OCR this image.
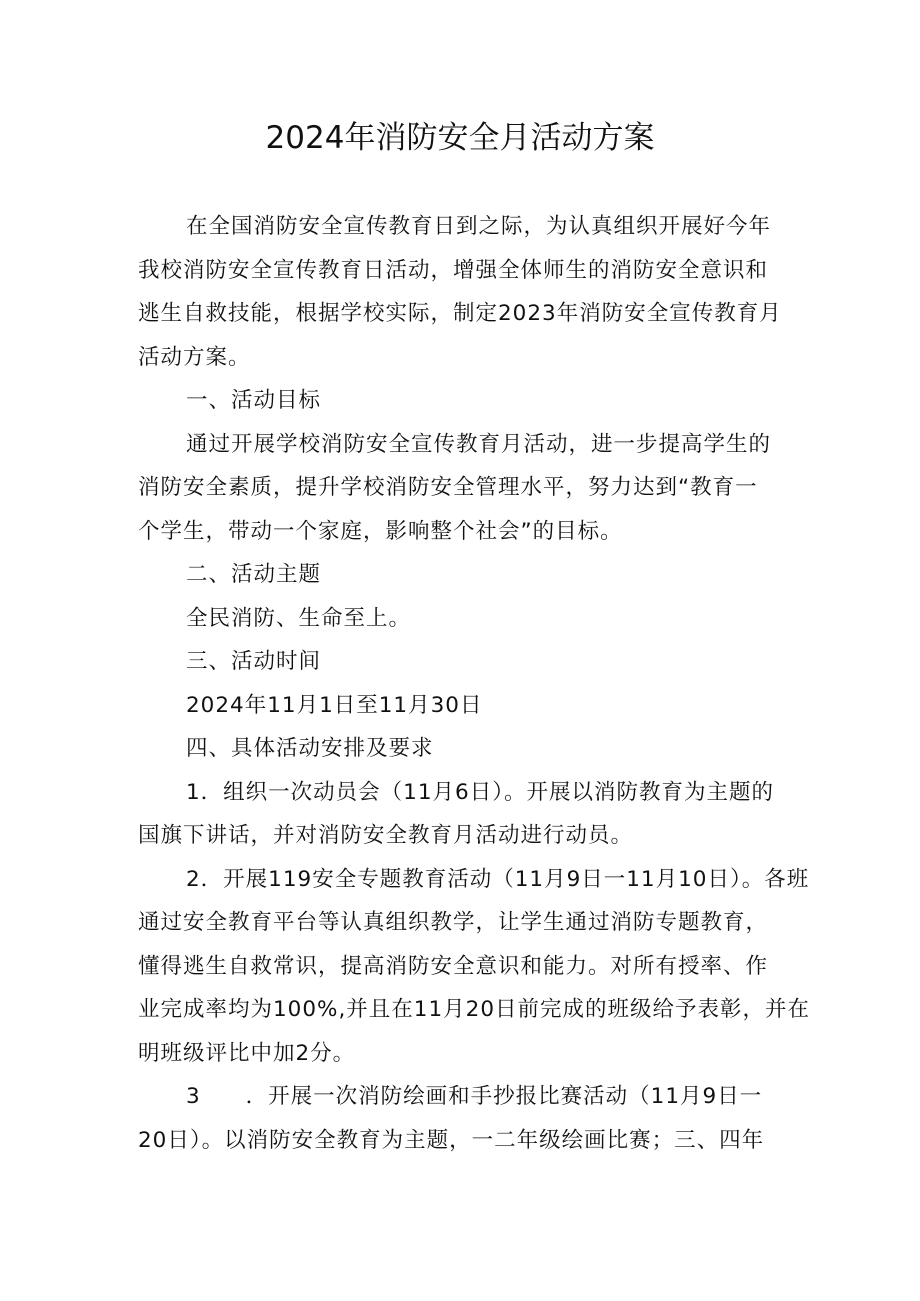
2024年消防安全月活动方案
在全国消防安全宣传教育日到之际，为认真组织开展好今年
我校消防安全宣传教育日活动，增强全体师生的消防安全意识和
逃生自救技能，根据学校实际，制定2023年消防安全宣传教育月
活动方案。
一、活动目标
通过开展学校消防安全宣传教育月活动，进一步提高学生的
消防安全素质，提升学校消防安全管理水平，努力达到“教育一
个学生，带动一个家庭，影响整个社会”的目标。
二、活动主题
全民消防、生命至上。
三、活动时间
2024年11月1日至11月30日
四、具体活动安排及要求
1．组织一次动员会（11月6日）。开展以消防教育为主题的
国旗下讲话，并对消防安全教育月活动进行动员。
2．开展119安全专题教育活动（11月9日一11月10日）。各班
通过安全教育平台等认真组织教学，让学生通过消防专题教育，
懂得逃生自救常识，提高消防安全意识和能力。对所有授率、作
业完成率均为100%,并且在11月20日前完成的班级给予表彰，并在
明班级评比中加2分。
3　　．开展一次消防绘画和手抄报比赛活动（11月9日一
20日）。以消防安全教育为主题，一二年级绘画比赛；三、四年
